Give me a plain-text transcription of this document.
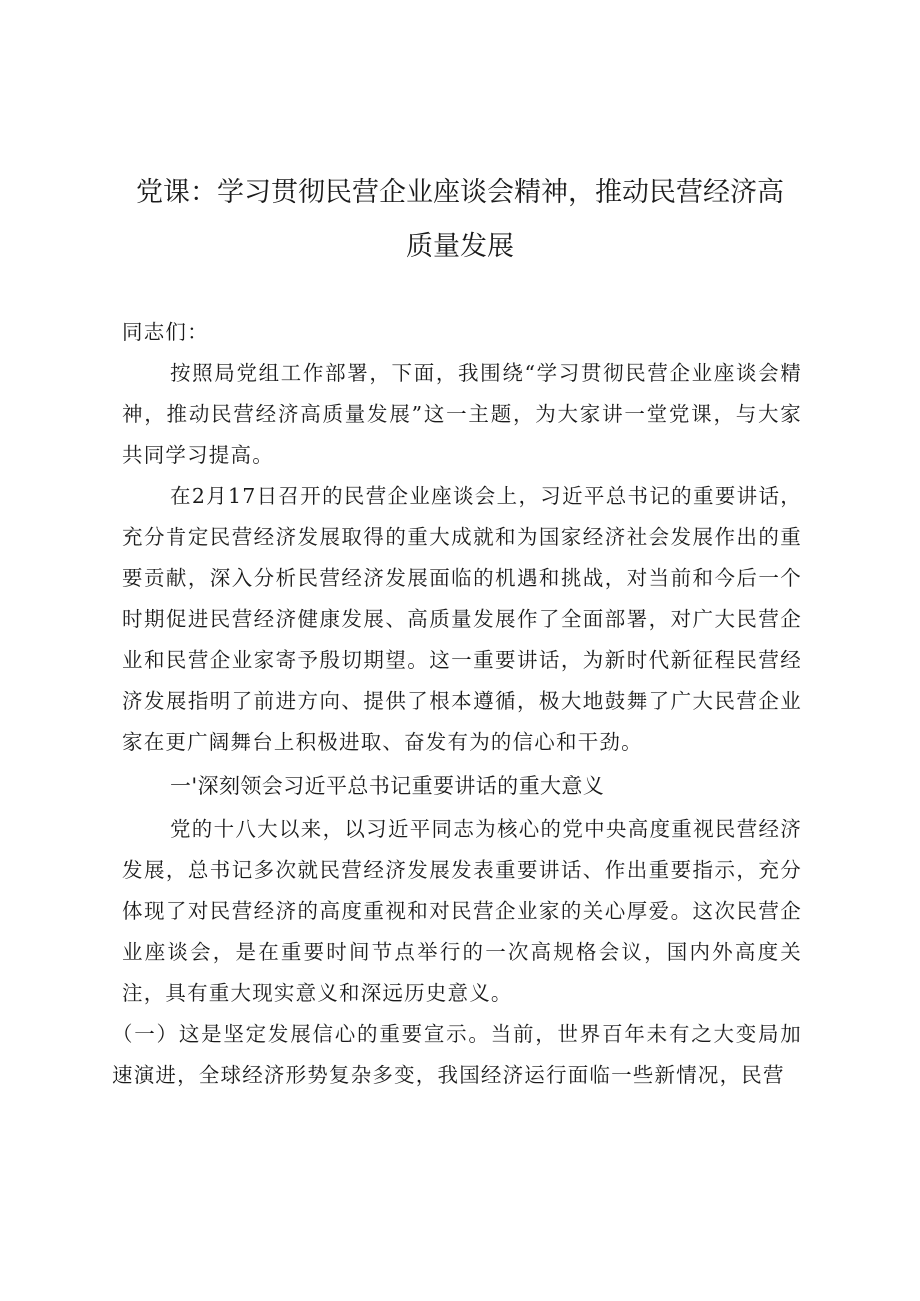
党课：学习贯彻民营企业座谈会精神，推动民营经济高
质量发展

同志们：

按照局党组工作部署，下面，我围绕“学习贯彻民营企业座谈会精神，推动民营经济高质量发展”这一主题，为大家讲一堂党课，与大家共同学习提高。

在2月17日召开的民营企业座谈会上，习近平总书记的重要讲话，充分肯定民营经济发展取得的重大成就和为国家经济社会发展作出的重要贡献，深入分析民营经济发展面临的机遇和挑战，对当前和今后一个时期促进民营经济健康发展、高质量发展作了全面部署，对广大民营企业和民营企业家寄予殷切期望。这一重要讲话，为新时代新征程民营经济发展指明了前进方向、提供了根本遵循，极大地鼓舞了广大民营企业家在更广阔舞台上积极进取、奋发有为的信心和干劲。

一'深刻领会习近平总书记重要讲话的重大意义

党的十八大以来，以习近平同志为核心的党中央高度重视民营经济发展，总书记多次就民营经济发展发表重要讲话、作出重要指示，充分体现了对民营经济的高度重视和对民营企业家的关心厚爱。这次民营企业座谈会，是在重要时间节点举行的一次高规格会议，国内外高度关注，具有重大现实意义和深远历史意义。

（一）这是坚定发展信心的重要宣示。当前，世界百年未有之大变局加速演进，全球经济形势复杂多变，我国经济运行面临一些新情况，民营
